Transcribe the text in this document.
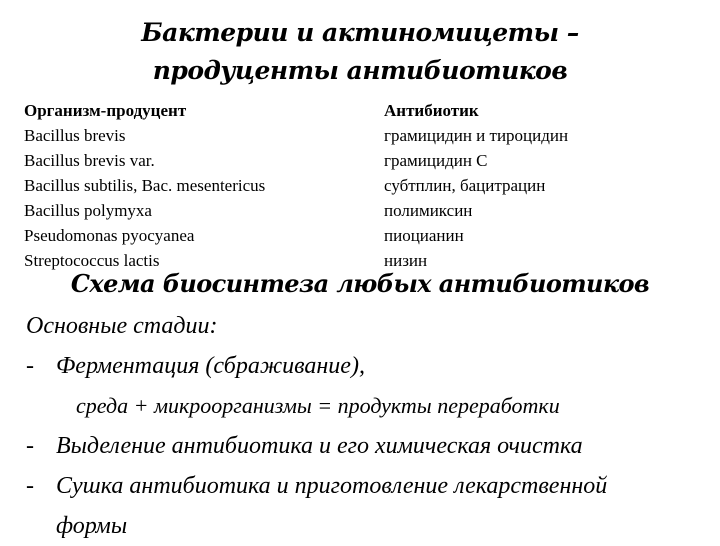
Бактерии и актиномицеты – продуценты антибиотиков
Организм-продуцент
Bacillus brevis
Bacillus brevis var.
Bacillus subtilis, Bac. mesentericus
Bacillus polymyxa
Pseudomonas pyocyanea
Streptococcus lactis
Антибиотик
грамицидин и тироцидин
грамицидин С
субтплин, бацитрацин
полимиксин
пиоцианин
низин
Схема биосинтеза любых антибиотиков
Основные стадии:
- Ферментация (сбраживание),
среда + микроорганизмы = продукты переработки
- Выделение антибиотика и его химическая очистка
- Сушка антибиотика и приготовление лекарственной
формы
